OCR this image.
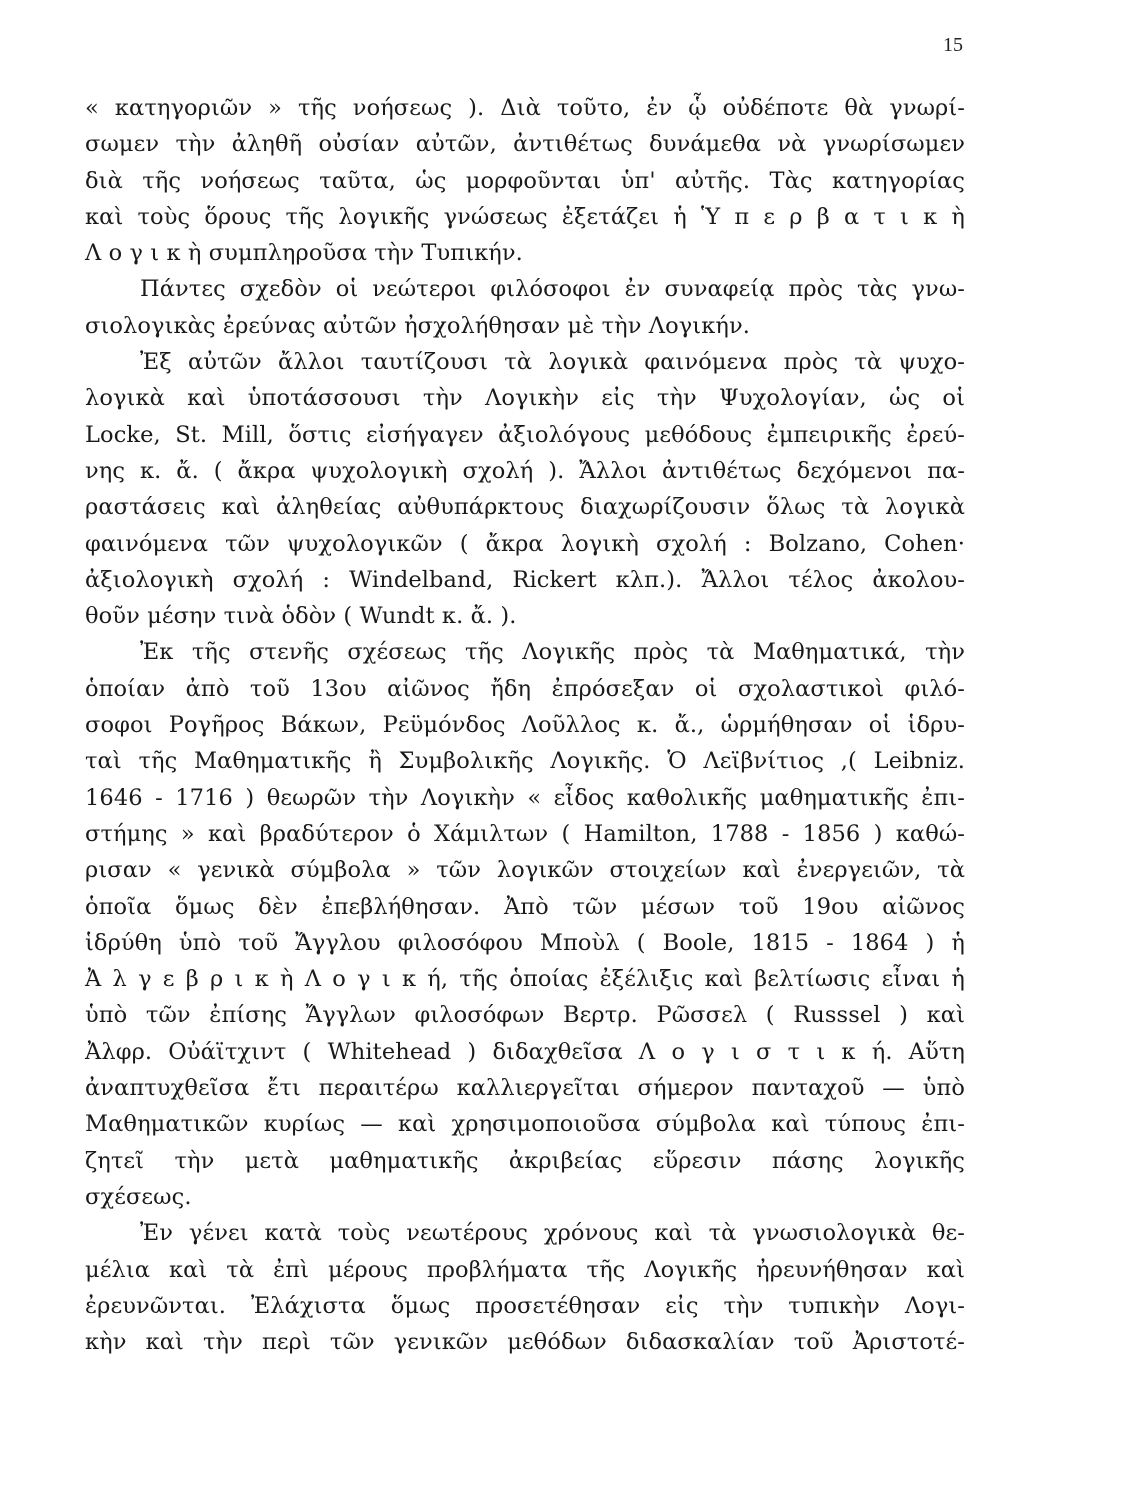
15
« κατηγοριῶν » τῆς νοήσεως ). Διὰ τοῦτο, ἐν ᾧ οὐδέποτε θὰ γνωρί-
σωμεν τὴν ἀληθῆ οὐσίαν αὐτῶν, ἀντιθέτως δυνάμεθα νὰ γνωρίσωμεν
διὰ τῆς νοήσεως ταῦτα, ὡς μορφοῦνται ὑπ' αὐτῆς. Τὰς κατηγορίας
καὶ τοὺς ὅρους τῆς λογικῆς γνώσεως ἐξετάζει ἡ Ὑ π ε ρ β α τ ι κ ὴ
Λ ο γ ι κ ὴ συμπληροῦσα τὴν Τυπικήν.
Πάντες σχεδὸν οἱ νεώτεροι φιλόσοφοι ἐν συναφείᾳ πρὸς τὰς γνω-
σιολογικὰς ἐρεύνας αὐτῶν ἠσχολήθησαν μὲ τὴν Λογικήν.
Ἐξ αὐτῶν ἄλλοι ταυτίζουσι τὰ λογικὰ φαινόμενα πρὸς τὰ ψυχο-
λογικὰ καὶ ὑποτάσσουσι τὴν Λογικὴν εἰς τὴν Ψυχολογίαν, ὡς οἱ
Locke, St. Mill, ὅστις εἰσήγαγεν ἀξιολόγους μεθόδους ἐμπειρικῆς ἐρεύ-
νης κ. ἄ. ( ἄκρα ψυχολογικὴ σχολή ). Ἄλλοι ἀντιθέτως δεχόμενοι πα-
ραστάσεις καὶ ἀληθείας αὐθυπάρκτους διαχωρίζουσιν ὅλως τὰ λογικὰ
φαινόμενα τῶν ψυχολογικῶν ( ἄκρα λογικὴ σχολή : Bolzano, Cohen·
ἀξιολογικὴ σχολή : Windelband, Rickert κλπ.). Ἄλλοι τέλος ἀκολου-
θοῦν μέσην τινὰ ὁδὸν ( Wundt κ. ἄ. ).
Ἐκ τῆς στενῆς σχέσεως τῆς Λογικῆς πρὸς τὰ Μαθηματικά, τὴν
ὁποίαν ἀπὸ τοῦ 13ου αἰῶνος ἤδη ἐπρόσεξαν οἱ σχολαστικοὶ φιλό-
σοφοι Ρογῆρος Βάκων, Ρεϋμόνδος Λοῦλλος κ. ἄ., ὡρμήθησαν οἱ ἱδρυ-
ταὶ τῆς Μαθηματικῆς ἢ Συμβολικῆς Λογικῆς. Ὁ Λεϊβνίτιος ,( Leibniz.
1646 - 1716 ) θεωρῶν τὴν Λογικὴν « εἶδος καθολικῆς μαθηματικῆς ἐπι-
στήμης » καὶ βραδύτερον ὁ Χάμιλτων ( Hamilton, 1788 - 1856 ) καθώ-
ρισαν « γενικὰ σύμβολα » τῶν λογικῶν στοιχείων καὶ ἐνεργειῶν, τὰ
ὁποῖα ὅμως δὲν ἐπεβλήθησαν. Ἀπὸ τῶν μέσων τοῦ 19ου αἰῶνος
ἱδρύθη ὑπὸ τοῦ Ἄγγλου φιλοσόφου Μποὺλ ( Boole, 1815 - 1864 ) ἡ
Ἀ λ γ ε β ρ ι κ ὴ Λ ο γ ι κ ή, τῆς ὁποίας ἐξέλιξις καὶ βελτίωσις εἶναι ἡ
ὑπὸ τῶν ἐπίσης Ἄγγλων φιλοσόφων Βερτρ. Ρῶσσελ ( Russsel ) καὶ
Ἀλφρ. Οὐάϊτχιντ ( Whitehead ) διδαχθεῖσα Λ ο γ ι σ τ ι κ ή. Αὕτη
ἀναπτυχθεῖσα ἔτι περαιτέρω καλλιεργεῖται σήμερον πανταχοῦ — ὑπὸ
Μαθηματικῶν κυρίως — καὶ χρησιμοποιοῦσα σύμβολα καὶ τύπους ἐπι-
ζητεῖ τὴν μετὰ μαθηματικῆς ἀκριβείας εὕρεσιν πάσης λογικῆς
σχέσεως.
Ἐν γένει κατὰ τοὺς νεωτέρους χρόνους καὶ τὰ γνωσιολογικὰ θε-
μέλια καὶ τὰ ἐπὶ μέρους προβλήματα τῆς Λογικῆς ἠρευνήθησαν καὶ
ἐρευνῶνται. Ἐλάχιστα ὅμως προσετέθησαν εἰς τὴν τυπικὴν Λογι-
κὴν καὶ τὴν περὶ τῶν γενικῶν μεθόδων διδασκαλίαν τοῦ Ἀριστοτέ-
